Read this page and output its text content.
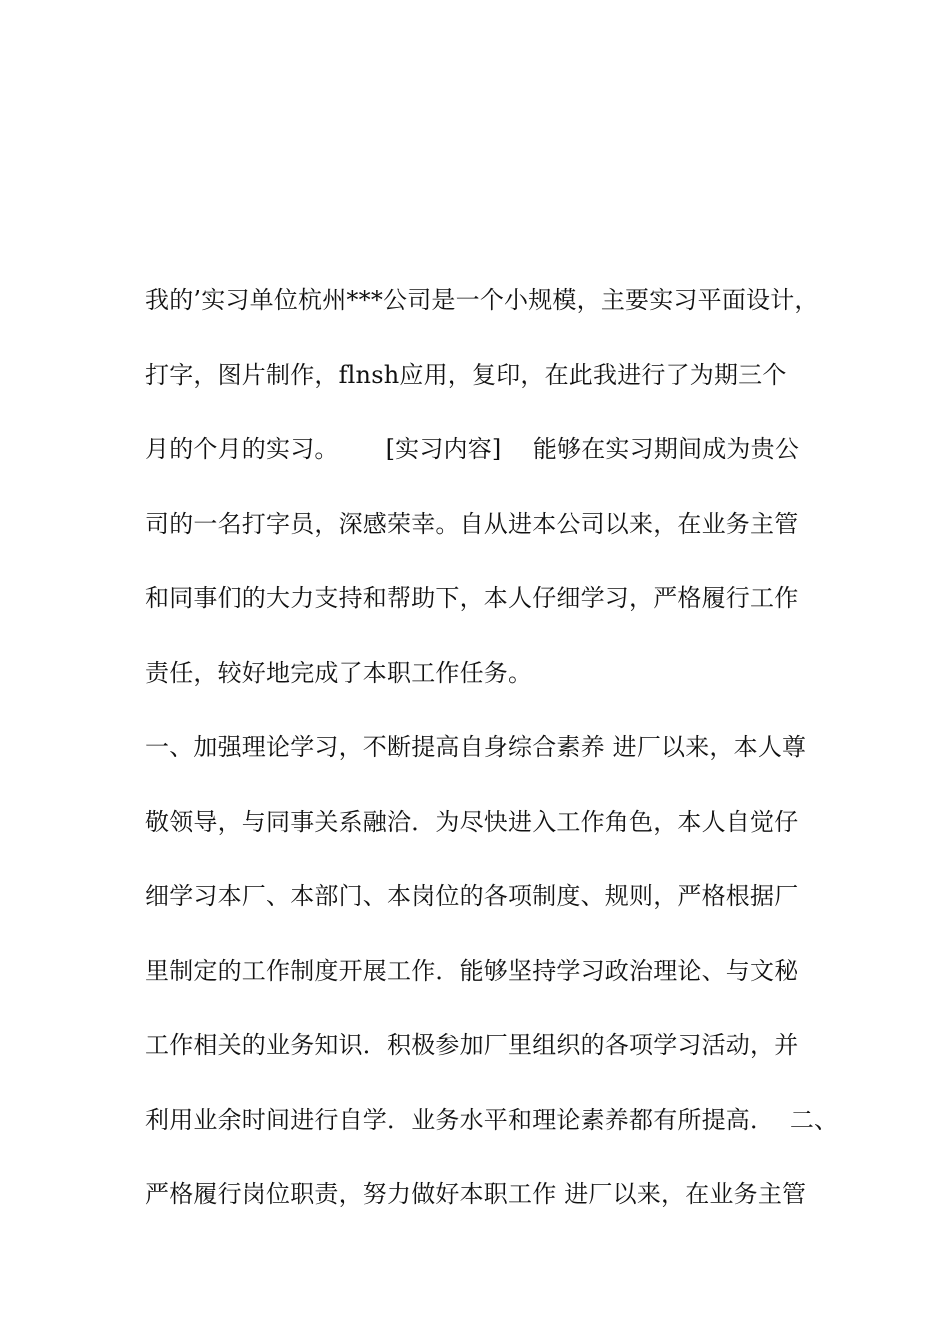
我的’实习单位杭州***公司是一个小规模，主要实习平面设计，
打字，图片制作，flnsh应用，复印，在此我进行了为期三个
月的个月的实习。      [实习内容]    能够在实习期间成为贵公
司的一名打字员，深感荣幸。自从进本公司以来，在业务主管
和同事们的大力支持和帮助下，本人仔细学习，严格履行工作
责任，较好地完成了本职工作任务。
一、加强理论学习，不断提高自身综合素养 进厂以来，本人尊
敬领导，与同事关系融洽．为尽快进入工作角色，本人自觉仔
细学习本厂、本部门、本岗位的各项制度、规则，严格根据厂
里制定的工作制度开展工作．能够坚持学习政治理论、与文秘
工作相关的业务知识．积极参加厂里组织的各项学习活动，并
利用业余时间进行自学．业务水平和理论素养都有所提高．  二、
严格履行岗位职责，努力做好本职工作 进厂以来，在业务主管
